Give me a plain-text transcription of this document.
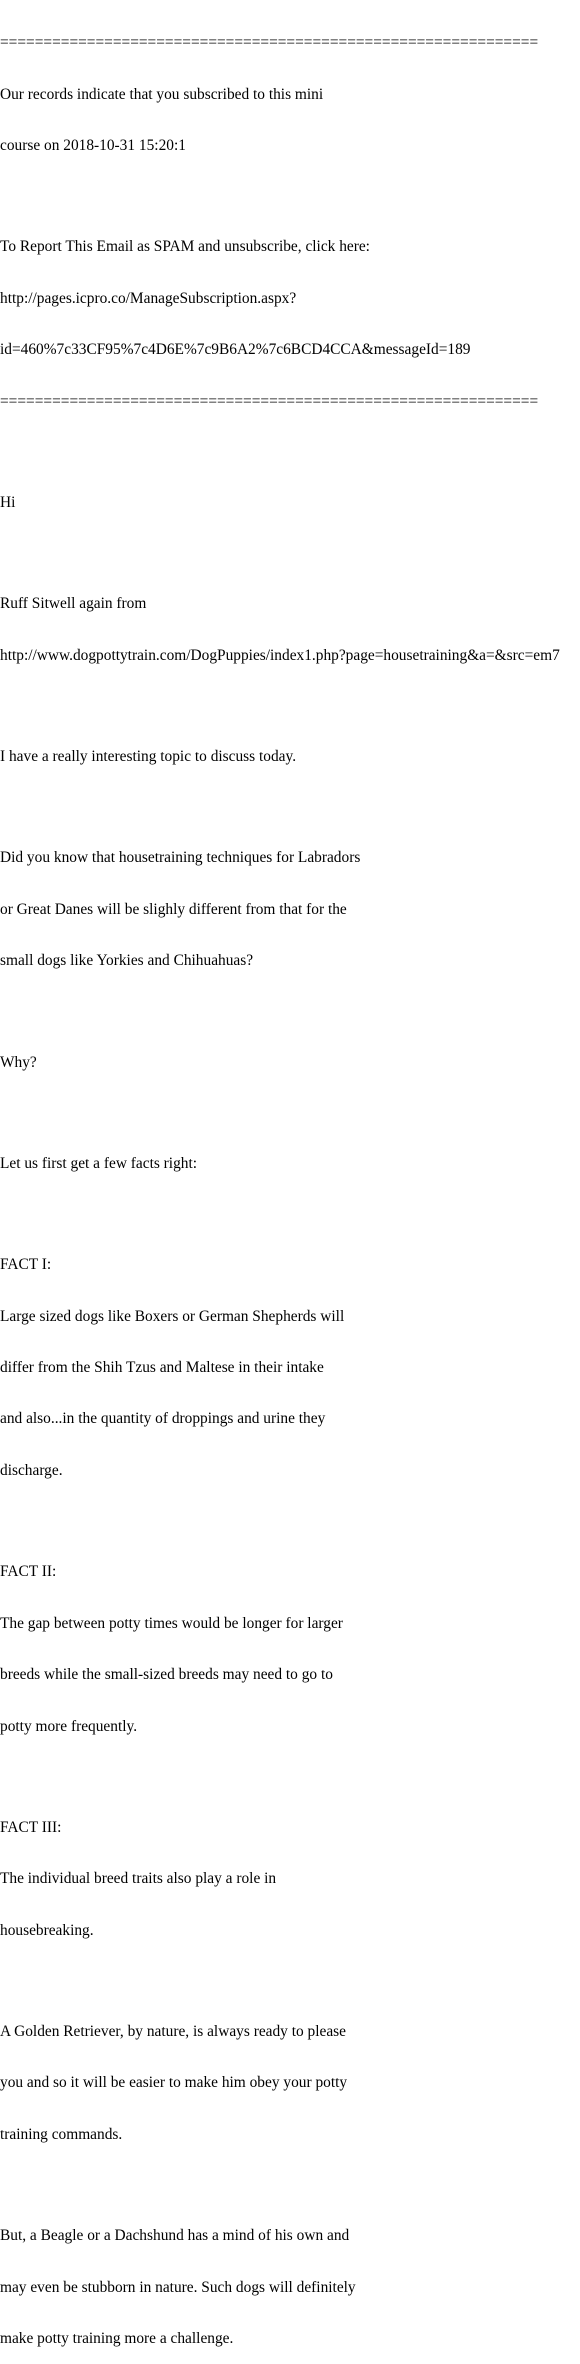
==============================================================

Our records indicate that you subscribed to this mini

course on 2018-10-31 15:20:1

To Report This Email as SPAM and unsubscribe, click here:

http://pages.icpro.co/ManageSubscription.aspx?

id=460%7c33CF95%7c4D6E%7c9B6A2%7c6BCD4CCA&messageId=189

==============================================================

Hi

Ruff Sitwell again from

http://www.dogpottytrain.com/DogPuppies/index1.php?page=housetraining&a=&src=em7

I have a really interesting topic to discuss today.

Did you know that housetraining techniques for Labradors

or Great Danes will be slighly different from that for the

small dogs like Yorkies and Chihuahuas?

Why?

Let us first get a few facts right:

FACT I:

Large sized dogs like Boxers or German Shepherds will

differ from the Shih Tzus and Maltese in their intake

and also...in the quantity of droppings and urine they

discharge.

FACT II:

The gap between potty times would be longer for larger

breeds while the small-sized breeds may need to go to

potty more frequently.

FACT III:

The individual breed traits also play a role in

housebreaking.

A Golden Retriever, by nature, is always ready to please

you and so it will be easier to make him obey your potty

training commands.

But, a Beagle or a Dachshund has a mind of his own and

may even be stubborn in nature. Such dogs will definitely

make potty training more a challenge.
